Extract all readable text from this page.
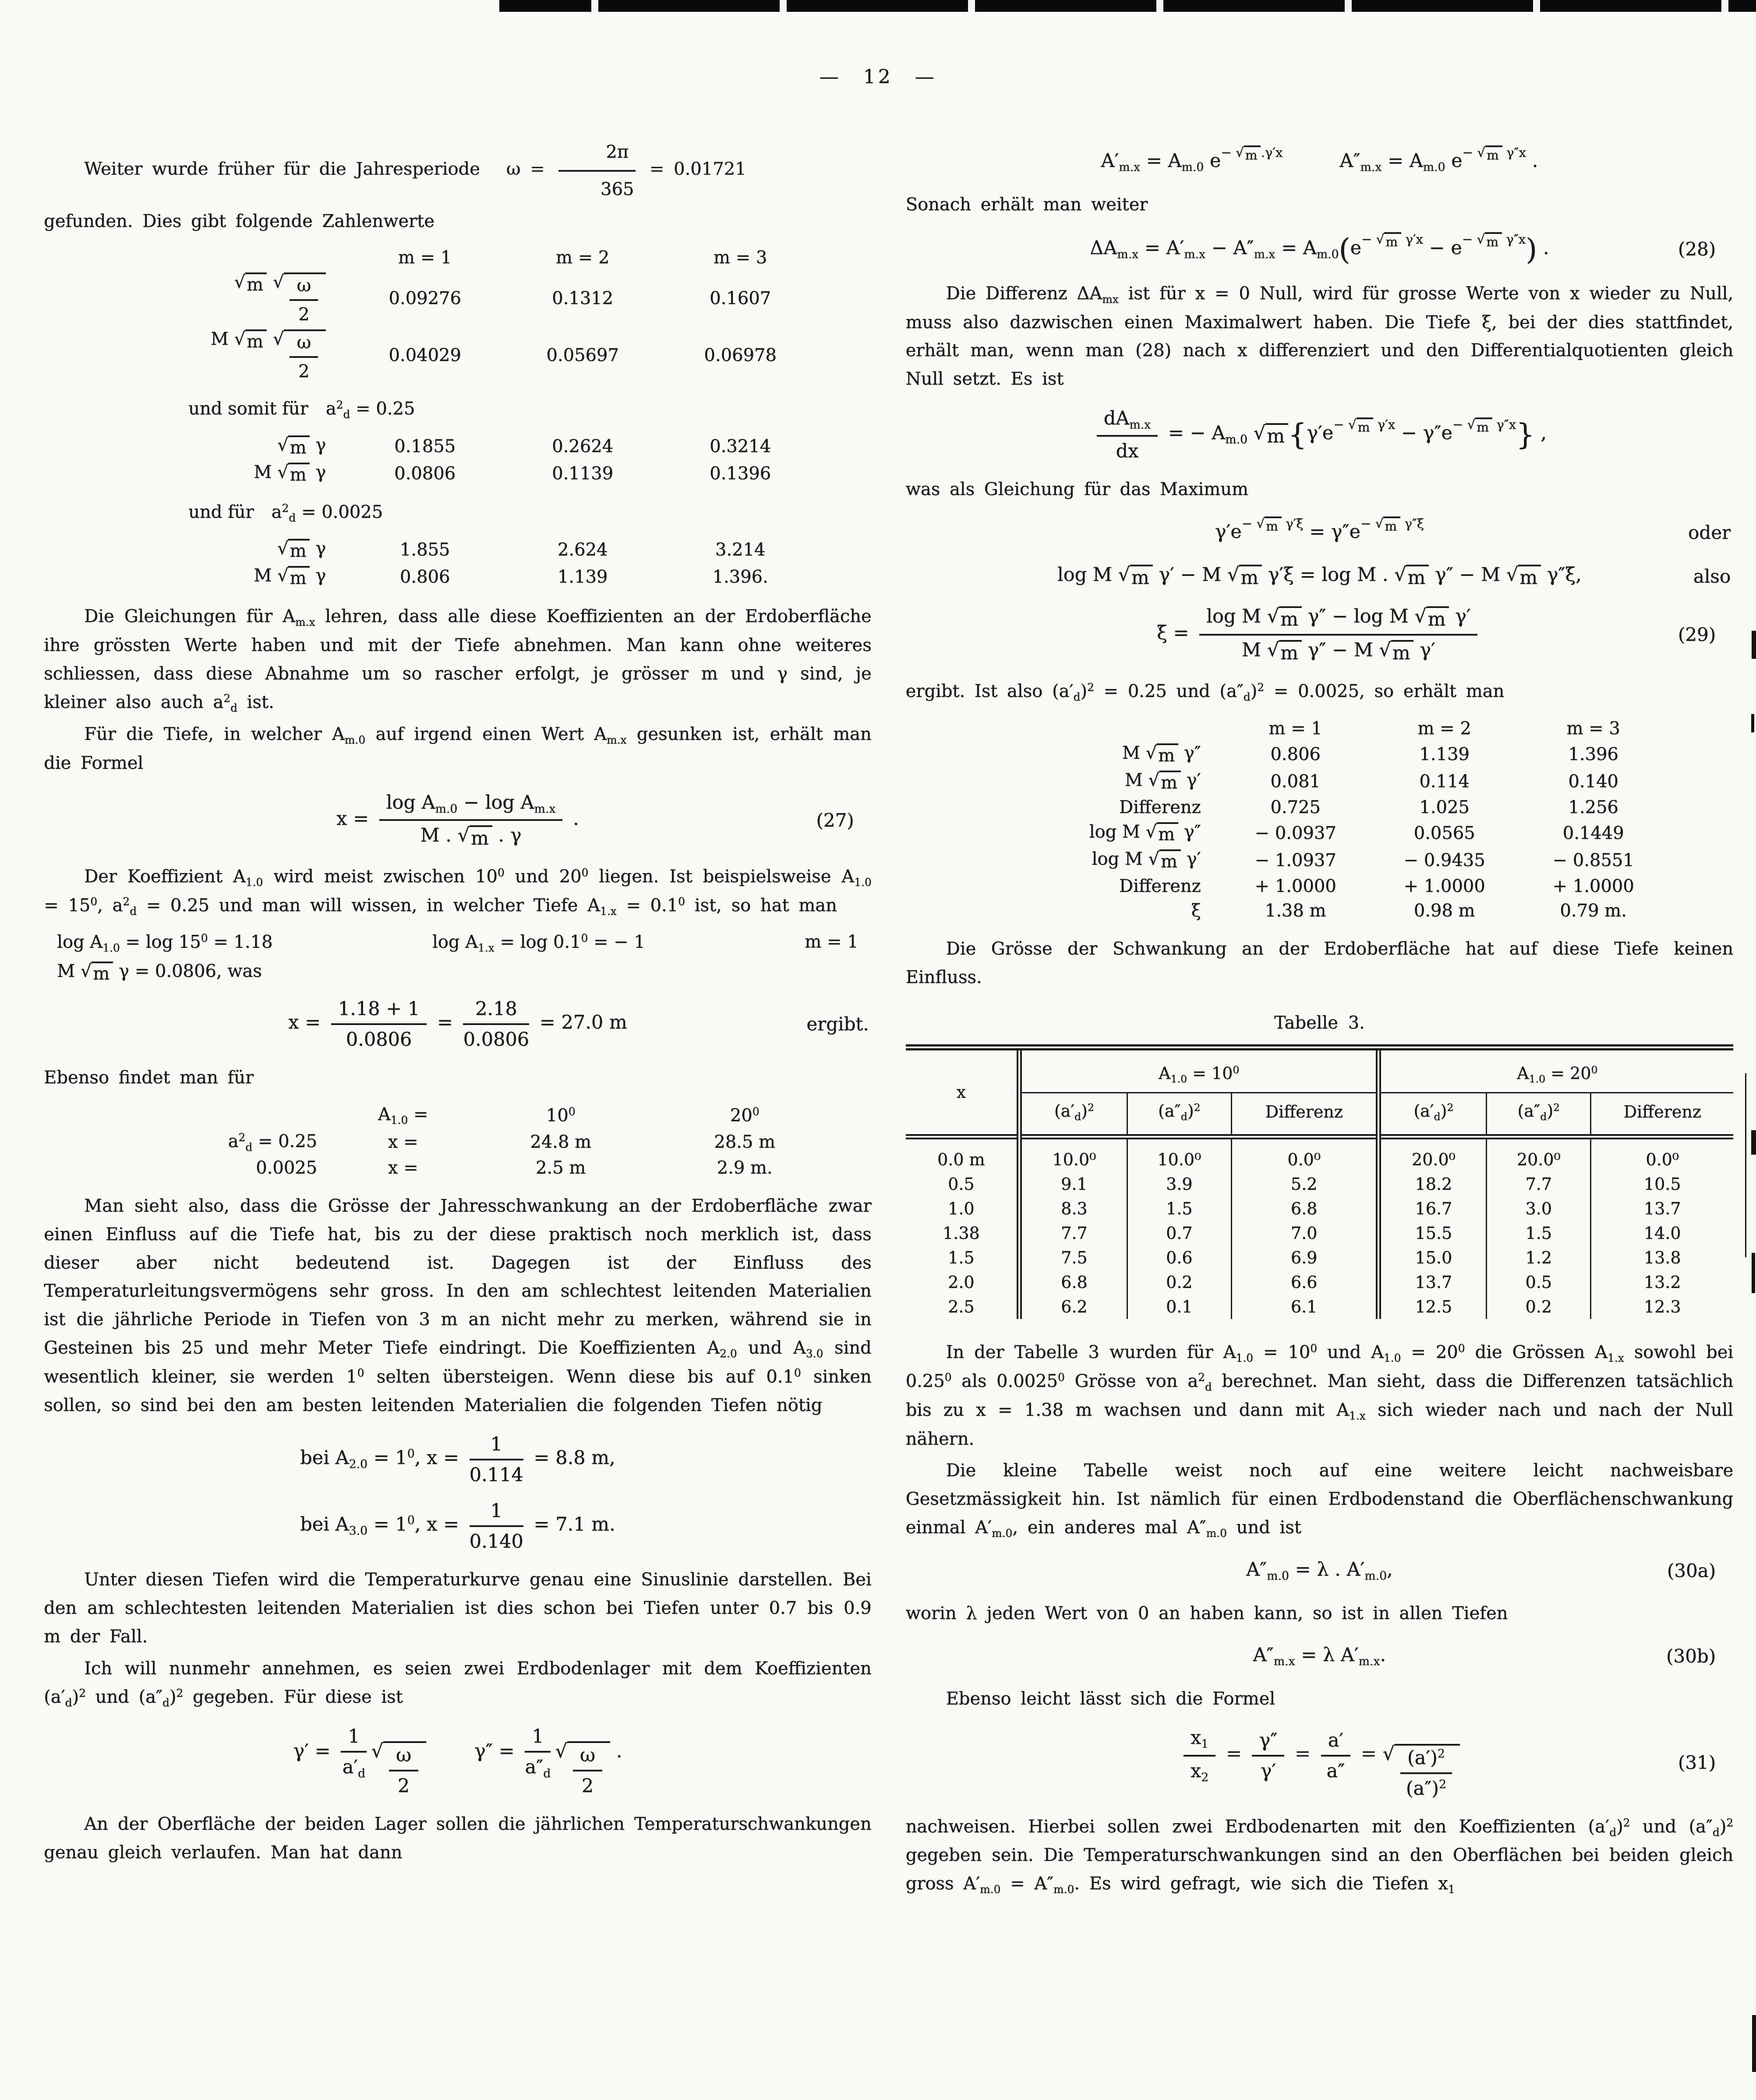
— 12 —

Weiter wurde früher für die Jahresperiode $\omega = \frac{2\pi}{365} = 0.01721$

gefunden. Dies gibt folgende Zahlenwerte

m = 1	m = 2	m = 3
√ m √ $\frac{\omega}{2}$	0.09276	0.1312	0.1607
M √ m √ $\frac{\omega}{2}$	0.04029	0.05697	0.06978

und somit für $a^2_d = 0.25$

√ m γ	0.1855	0.2624	0.3214
M √ m γ	0.0806	0.1139	0.1396

und für $a^2_d = 0.0025$

√ m γ	1.855	2.624	3.214
M √ m γ	0.806	1.139	1.396.

Die Gleichungen für $A_{m.x}$ lehren, dass alle diese Koeffizienten an der Erdoberfläche ihre grössten Werte haben und mit der Tiefe abnehmen. Man kann ohne weiteres schliessen, dass diese Abnahme um so rascher erfolgt, je grösser m und γ sind, je kleiner also auch $a^2_d$ ist.

Für die Tiefe, in welcher $A_{m.0}$ auf irgend einen Wert $A_{m.x}$ gesunken ist, erhält man die Formel

$x = \frac{\log A_{m.0} - \log A_{m.x}}{M . √ m . \gamma}$ .	(27)

Der Koeffizient $A_{1.0}$ wird meist zwischen $10^0$ und $20^0$ liegen. Ist beispielsweise $A_{1.0} = 15^0$, $a^2_d = 0.25$ und man will wissen, in welcher Tiefe $A_{1.x} = 0.1^0$ ist, so hat man

$\log A_{1.0} = \log 15^0 = 1.18$	$\log A_{1.x} = \log 0.1^0$ = − 1	m = 1
M √ m γ = 0.0806, was
$x = \frac{1.18 + 1}{0.0806} = \frac{2.18}{0.0806} = 27.0$ m	ergibt.

Ebenso findet man für

$A_{1.0}$ =	$10^0$	$20^0$
$a^2_d = 0.25$	x =	24.8 m	28.5 m
0.0025	x =	2.5 m	2.9 m.

Man sieht also, dass die Grösse der Jahresschwankung an der Erdoberfläche zwar einen Einfluss auf die Tiefe hat, bis zu der diese praktisch noch merklich ist, dass dieser aber nicht bedeutend ist. Dagegen ist der Einfluss des Temperaturleitungsvermögens sehr gross. In den am schlechtest leitenden Materialien ist die jährliche Periode in Tiefen von 3 m an nicht mehr zu merken, während sie in Gesteinen bis 25 und mehr Meter Tiefe eindringt. Die Koeffizienten $A_{2.0}$ und $A_{3.0}$ sind wesentlich kleiner, sie werden $1^0$ selten übersteigen. Wenn diese bis auf $0.1^0$ sinken sollen, so sind bei den am besten leitenden Materialien die folgenden Tiefen nötig

bei $A_{2.0} = 1^0$, $x = \frac{1}{0.114} = 8.8$ m,
bei $A_{3.0} = 1^0$, $x = \frac{1}{0.140} = 7.1$ m.

Unter diesen Tiefen wird die Temperaturkurve genau eine Sinuslinie darstellen. Bei den am schlechtesten leitenden Materialien ist dies schon bei Tiefen unter 0.7 bis 0.9 m der Fall.

Ich will nunmehr annehmen, es seien zwei Erdbodenlager mit dem Koeffizienten $(a'_d)^2$ und $(a''_d)^2$ gegeben. Für diese ist

$\gamma' = \frac{1}{a'_d}$ √ $\frac{\omega}{2}$	$\gamma'' = \frac{1}{a''_d}$ √ $\frac{\omega}{2}$ .

An der Oberfläche der beiden Lager sollen die jährlichen Temperaturschwankungen genau gleich verlaufen. Man hat dann

$A'_{m.x} = A_{m.0}$ e− √ m .γ′x	$A''_{m.x} = A_{m.0}$ e− √ m γ″x .

Sonach erhält man weiter

$\Delta A_{m.x} = A'_{m.x} - A''_{m.x} = A_{m.0}(e-$ √ m γ′x − e− √ m γ″x) .	(28)

Die Differenz $\Delta A_{mx}$ ist für x = 0 Null, wird für grosse Werte von x wieder zu Null, muss also dazwischen einen Maximalwert haben. Die Tiefe ξ, bei der dies stattfindet, erhält man, wenn man (28) nach x differenziert und den Differentialquotienten gleich Null setzt. Es ist

$\frac{dA_{m.x}}{dx}$ = − $A_{m.0}$ √ m {γ′e− √ m γ′x − γ″e− √ m γ″x} ,

was als Gleichung für das Maximum

γ′e− √ m γ′ξ = γ″e− √ m γ″ξ	oder
log M √ m γ′ − M √ m γ′ξ = log M . √ m γ″ − M √ m γ″ξ,	also
$\xi = \frac{\text{log M √ m γ″ − log M √ m γ′}}{\text{M √ m γ″ − M √ m γ′}}$	(29)

ergibt. Ist also $(a'_d)^2 = 0.25$ und $(a''_d)^2 = 0.0025$, so erhält man

m = 1	m = 2	m = 3
M √ m γ″	0.806	1.139	1.396
M √ m γ′	0.081	0.114	0.140
Differenz	0.725	1.025	1.256
log M √ m γ″	− 0.0937	0.0565	0.1449
log M √ m γ′	− 1.0937	− 0.9435	− 0.8551
Differenz	+ 1.0000	+ 1.0000	+ 1.0000
ξ	1.38 m	0.98 m	0.79 m.

Die Grösse der Schwankung an der Erdoberfläche hat auf diese Tiefe keinen Einfluss.

Tabelle 3.

x	$A_{1.0} = 10^0$			$A_{1.0} = 20^0$
	$(a'_d)^2$	$(a''_d)^2$	Differenz	$(a'_d)^2$	$(a''_d)^2$	Differenz
0.0 m	10.0⁰	10.0⁰	0.0⁰	20.0⁰	20.0⁰	0.0⁰
0.5	9.1	3.9	5.2	18.2	7.7	10.5
1.0	8.3	1.5	6.8	16.7	3.0	13.7
1.38	7.7	0.7	7.0	15.5	1.5	14.0
1.5	7.5	0.6	6.9	15.0	1.2	13.8
2.0	6.8	0.2	6.6	13.7	0.5	13.2
2.5	6.2	0.1	6.1	12.5	0.2	12.3

In der Tabelle 3 wurden für $A_{1.0} = 10^0$ und $A_{1.0} = 20^0$ die Grössen $A_{1.x}$ sowohl bei 0.25$^0$ als 0.0025$^0$ Grösse von $a^2_d$ berechnet. Man sieht, dass die Differenzen tatsächlich bis zu x = 1.38 m wachsen und dann mit $A_{1.x}$ sich wieder nach und nach der Null nähern.

Die kleine Tabelle weist noch auf eine weitere leicht nachweisbare Gesetzmässigkeit hin. Ist nämlich für einen Erdbodenstand die Oberflächenschwankung einmal $A'_{m.0}$, ein anderes mal $A''_{m.0}$ und ist

$A''_{m.0} = \lambda$ . $A'_{m.0}$,	(30a)

worin λ jeden Wert von 0 an haben kann, so ist in allen Tiefen

$A''_{m.x} = \lambda$ $A'_{m.x}$.	(30b)

Ebenso leicht lässt sich die Formel

$\frac{x_1}{x_2} = \frac{\gamma''}{\gamma'} = \frac{a'}{a''}$ = √ $\frac{(a')^2}{(a'')^2}$	(31)

nachweisen. Hierbei sollen zwei Erdbodenarten mit den Koeffizienten $(a'_d)^2$ und $(a''_d)^2$ gegeben sein. Die Temperaturschwankungen sind an den Oberflächen bei beiden gleich gross $A'_{m.0} = A''_{m.0}$. Es wird gefragt, wie sich die Tiefen $x_1$
